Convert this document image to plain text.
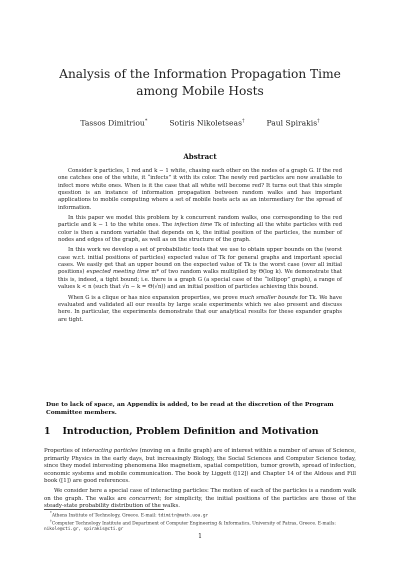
Analysis of the Information Propagation Time
among Mobile Hosts
Tassos Dimitriou*	Sotiris Nikoletseas†	Paul Spirakis†
Abstract

Consider k particles, 1 red and k − 1 white, chasing each other on the nodes of a graph G. If the red one catches one of the white, it “infects” it with its color. The newly red particles are now available to infect more white ones. When is it the case that all white will become red? It turns out that this simple question is an instance of information propagation between random walks and has important applications to mobile computing where a set of mobile hosts acts as an intermediary for the spread of information.

In this paper we model this problem by k concurrent random walks, one corresponding to the red particle and k − 1 to the white ones. The infection time Tk of infecting all the white particles with red color is then a random variable that depends on k, the initial position of the particles, the number of nodes and edges of the graph, as well as on the structure of the graph.

In this work we develop a set of probabilistic tools that we use to obtain upper bounds on the (worst case w.r.t. initial positions of particles) expected value of Tk for general graphs and important special cases. We easily get that an upper bound on the expected value of Tk is the worst case (over all initial positions) expected meeting time m* of two random walks multiplied by Θ(log k). We demonstrate that this is, indeed, a tight bound; i.e. there is a graph G (a special case of the “lollipop” graph), a range of values k < n (such that √n − k = Θ(√n)) and an initial position of particles achieving this bound.

When G is a clique or has nice expansion properties, we prove much smaller bounds for Tk. We have evaluated and validated all our results by large scale experiments which we also present and discuss here. In particular, the experiments demonstrate that our analytical results for these expander graphs are tight.

Due to lack of space, an Appendix is added, to be read at the discretion of the Program Committee members.
1 Introduction, Problem Definition and Motivation

Properties of interacting particles (moving on a finite graph) are of interest within a number of areas of Science, primarily Physics in the early days, but increasingly Biology, the Social Sciences and Computer Science today, since they model interesting phenomena like magnetism, spatial competition, tumor growth, spread of infection, economic systems and mobile communication. The book by Liggett ([12]) and Chapter 14 of the Aldous and Fill book ([1]) are good references.

We consider here a special case of interacting particles: The motion of each of the particles is a random walk on the graph. The walks are concurrent; for simplicity, the initial positions of the particles are those of the steady-state probability distribution of the walks.

*Athens Institute of Technology, Greece. E-mail: tdimitr@math.uoa.gr

†Computer Technology Institute and Department of Computer Engineering & Informatics, University of Patras, Greece. E-mails: nikole@cti.gr, spirakis@cti.gr

1
